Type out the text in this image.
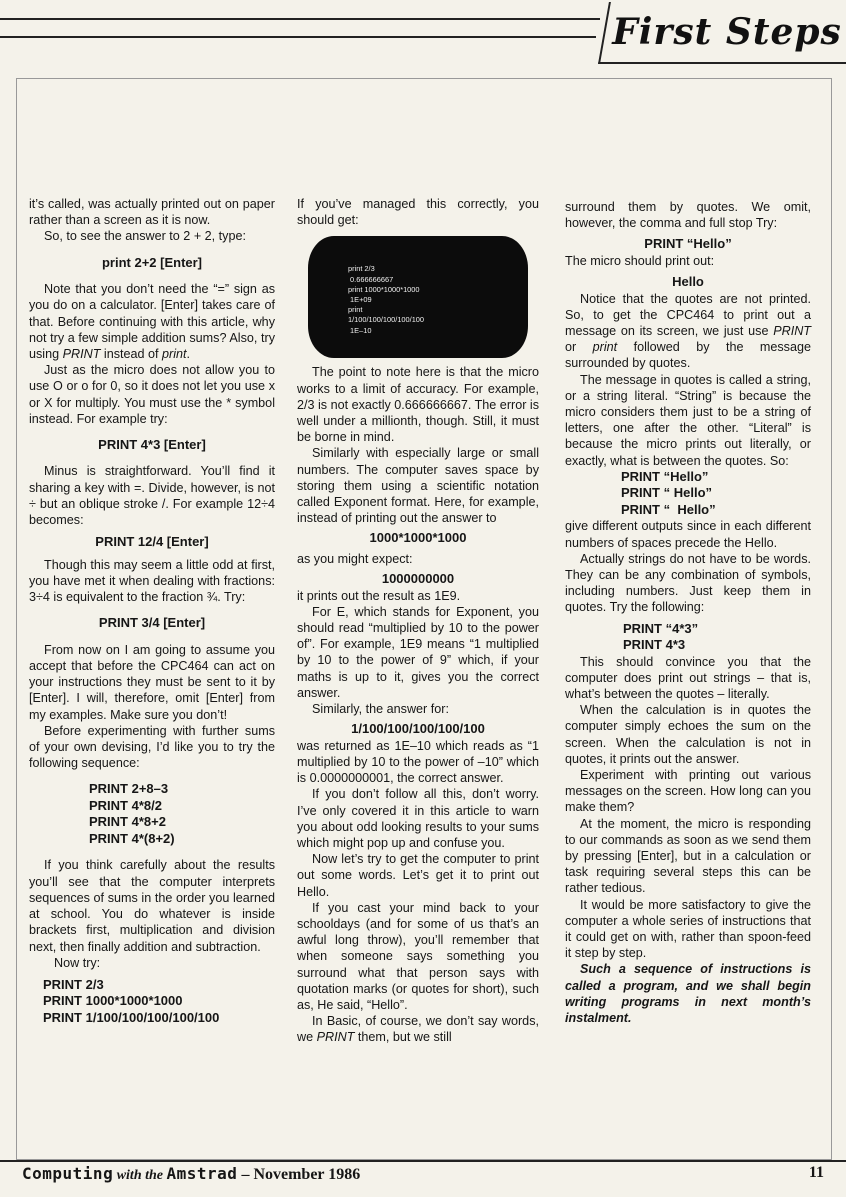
First Steps

it’s called, was actually printed out on paper rather than a screen as it is now.

So, to see the answer to 2 + 2, type:

print 2+2 [Enter]

Note that you don’t need the “=” sign as you do on a calculator. [Enter] takes care of that. Before continuing with this article, why not try a few simple addition sums? Also, try using PRINT instead of print.

Just as the micro does not allow you to use O or o for 0, so it does not let you use x or X for multiply. You must use the * symbol instead. For example try:

PRINT 4*3 [Enter]

Minus is straightforward. You’ll find it sharing a key with =. Divide, however, is not ÷ but an oblique stroke /. For example 12÷4 becomes:

PRINT 12/4 [Enter]

Though this may seem a little odd at first, you have met it when dealing with fractions: 3÷4 is equivalent to the fraction ¾. Try:

PRINT 3/4 [Enter]

From now on I am going to assume you accept that before the CPC464 can act on your instructions they must be sent to it by [Enter]. I will, therefore, omit [Enter] from my examples. Make sure you don’t!

Before experimenting with further sums of your own devising, I’d like you to try the following sequence:

PRINT 2+8–3
PRINT 4*8/2
PRINT 4*8+2
PRINT 4*(8+2)

If you think carefully about the results you’ll see that the computer interprets sequences of sums in the order you learned at school. You do whatever is inside brackets first, multiplication and division next, then finally addition and subtraction.

Now try:

PRINT 2/3
PRINT 1000*1000*1000
PRINT 1/100/100/100/100/100

If you’ve managed this correctly, you should get:

print 2/3
0.666666667
print 1000*1000*1000
1E+09
print
1/100/100/100/100/100
1E–10

The point to note here is that the micro works to a limit of accuracy. For example, 2/3 is not exactly 0.666666667. The error is well under a millionth, though. Still, it must be borne in mind.

Similarly with especially large or small numbers. The computer saves space by storing them using a scientific notation called Exponent format. Here, for example, instead of printing out the answer to

1000*1000*1000

as you might expect:

1000000000

it prints out the result as 1E9.

For E, which stands for Exponent, you should read “multiplied by 10 to the power of”. For example, 1E9 means “1 multiplied by 10 to the power of 9” which, if your maths is up to it, gives you the correct answer.

Similarly, the answer for:

1/100/100/100/100/100

was returned as 1E–10 which reads as “1 multiplied by 10 to the power of –10” which is 0.0000000001, the correct answer.

If you don’t follow all this, don’t worry. I’ve only covered it in this article to warn you about odd looking results to your sums which might pop up and confuse you.

Now let’s try to get the computer to print out some words. Let’s get it to print out Hello.

If you cast your mind back to your schooldays (and for some of us that’s an awful long throw), you’ll remember that when someone says something you surround what that person says with quotation marks (or quotes for short), such as, He said, “Hello”.

In Basic, of course, we don’t say words, we PRINT them, but we still

surround them by quotes. We omit, however, the comma and full stop Try:

PRINT “Hello”

The micro should print out:

Hello

Notice that the quotes are not printed. So, to get the CPC464 to print out a message on its screen, we just use PRINT or print followed by the message surrounded by quotes.

The message in quotes is called a string, or a string literal. “String” is because the micro considers them just to be a string of letters, one after the other. “Literal” is because the micro prints out literally, or exactly, what is between the quotes. So:

PRINT “Hello”
PRINT “ Hello”
PRINT “  Hello”

give different outputs since in each different numbers of spaces precede the Hello.

Actually strings do not have to be words. They can be any combination of symbols, including numbers. Just keep them in quotes. Try the following:

PRINT “4*3”
PRINT 4*3

This should convince you that the computer does print out strings – that is, what’s between the quotes – literally.

When the calculation is in quotes the computer simply echoes the sum on the screen. When the calculation is not in quotes, it prints out the answer.

Experiment with printing out various messages on the screen. How long can you make them?

At the moment, the micro is responding to our commands as soon as we send them by pressing [Enter], but in a calculation or task requiring several steps this can be rather tedious.

It would be more satisfactory to give the computer a whole series of instructions that it could get on with, rather than spoon-feed it step by step.

Such a sequence of instructions is called a program, and we shall begin writing programs in next month’s instalment.

Computing with the Amstrad – November 1986	11
